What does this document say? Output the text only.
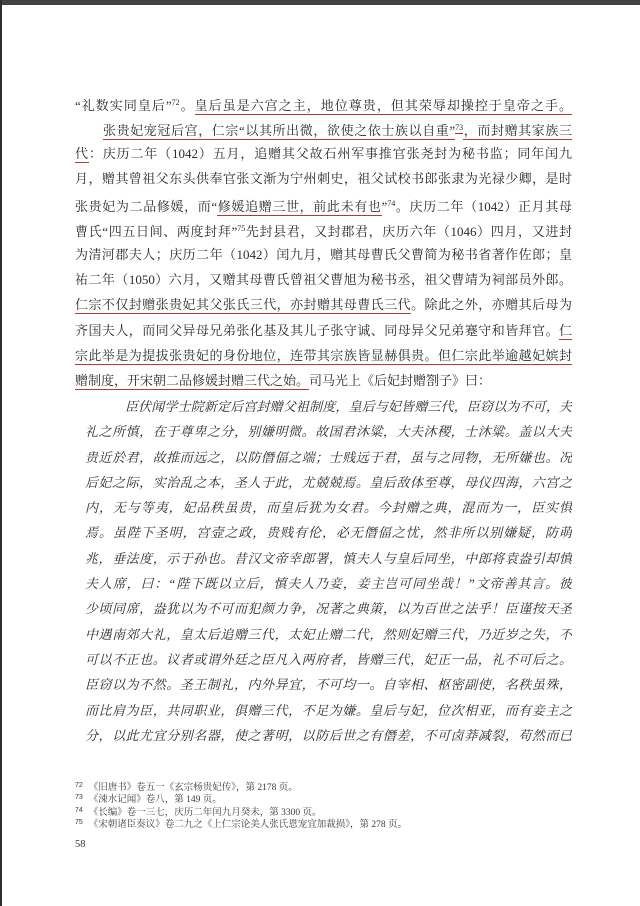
“礼数实同皇后”$^{72}$。皇后虽是六宫之主，地位尊贵，但其荣辱却操控于皇帝之手。
张贵妃宠冠后宫，仁宗“以其所出微，欲使之依士族以自重”$^{73}$，而封赠其家族三
代：庆历二年（1042）五月，追赠其父故石州军事推官张尧封为秘书监；同年闰九
月，赠其曾祖父东头供奉官张文渐为宁州刺史，祖父试校书郎张隶为光禄少卿，是时
张贵妃为二品修媛，而“修媛追赠三世，前此未有也”$^{74}$。庆历二年（1042）正月其母
曹氏“四五日间、两度封拜”$^{75}$先封县君，又封郡君，庆历六年（1046）四月，又进封
为清河郡夫人；庆历二年（1042）闰九月，赠其母曹氏父曹简为秘书省著作佐郎；皇
祐二年（1050）六月，又赠其母曹氏曾祖父曹旭为秘书丞，祖父曹靖为祠部员外郎。
仁宗不仅封赠张贵妃其父张氏三代，亦封赠其母曹氏三代。除此之外，亦赠其后母为
齐国夫人，而同父异母兄弟张化基及其儿子张守诚、同母异父兄弟蹇守和皆拜官。仁
宗此举是为提拔张贵妃的身份地位，连带其宗族皆显赫俱贵。但仁宗此举逾越妃嫔封
赠制度，开宋朝二品修媛封赠三代之始。司马光上《后妃封赠劄子》曰：
臣伏闻学士院新定后宫封赠父祖制度，皇后与妃皆赠三代，臣窃以为不可，夫
礼之所慎，在于尊卑之分，别嫌明微。故国君沐粱，大夫沐稷，士沐粱。盖以大夫
贵近於君，故推而远之，以防僭偪之端；士贱远于君，虽与之同物，无所嫌也。况
后妃之际，实治乱之本，圣人于此，尤兢兢焉。皇后敌体至尊，母仪四海，六宫之
内，无与等夷，妃品秩虽贵，而皇后犹为女君。今封赠之典，混而为一，臣实惧
焉。虽陛下圣明，宫壸之政，贵贱有伦，必无僭偪之忧，然非所以别嫌疑，防萌
兆，垂法度，示于孙也。昔汉文帝幸郎署，慎夫人与皇后同坐，中郎将袁盎引却慎
夫人席，曰：“陛下既以立后，慎夫人乃妾，妾主岂可同坐哉！”文帝善其言。彼
少顷同席，盎犹以为不可而犯颜力争，况著之典策，以为百世之法乎！臣谨按天圣
中遇南郊大礼，皇太后追赠三代，太妃止赠二代，然则妃赠三代，乃近岁之失，不
可以不正也。议者或谓外廷之臣凡入两府者，皆赠三代，妃正一品，礼不可后之。
臣窃以为不然。圣王制礼，内外异宜，不可均一。自宰相、枢密副使，名秩虽殊，
而比肩为臣，共同职业，俱赠三代，不足为嫌。皇后与妃，位次相亚，而有妾主之
分，以此尤宜分别名器，使之著明，以防后世之有僭差，不可卤莽减裂，苟然而已
$^{72}$ 《旧唐书》卷五一《玄宗杨贵妃传》，第 2178 页。
$^{73}$ 《涑水记闻》卷八，第 149 页。
$^{74}$ 《长编》卷一三七，庆历二年闰九月癸未，第 3300 页。
$^{75}$ 《宋朝诸臣奏议》卷二九之《上仁宗论美人张氏恩宠宜加裁损》，第 278 页。
58
